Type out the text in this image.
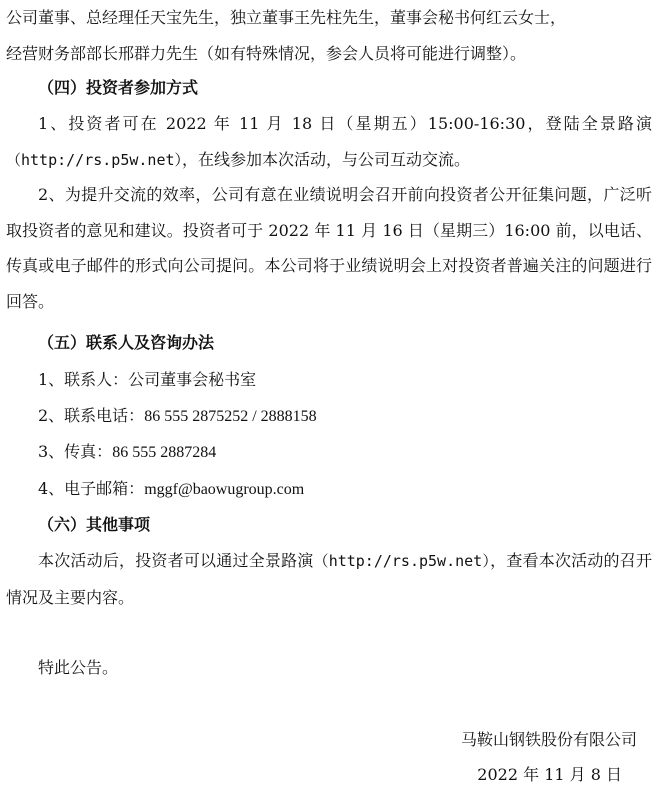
公司董事、总经理任天宝先生，独立董事王先柱先生，董事会秘书何红云女士，
经营财务部部长邢群力先生（如有特殊情况，参会人员将可能进行调整）。

（四）投资者参加方式

1、投资者可在 2022 年 11 月 18 日（星期五）15:00-16:30，登陆全景路演（http://rs.p5w.net），在线参加本次活动，与公司互动交流。

2、为提升交流的效率，公司有意在业绩说明会召开前向投资者公开征集问题，广泛听取投资者的意见和建议。投资者可于 2022 年 11 月 16 日（星期三）16:00 前，以电话、传真或电子邮件的形式向公司提问。本公司将于业绩说明会上对投资者普遍关注的问题进行回答。

（五）联系人及咨询办法

1、联系人：公司董事会秘书室

2、联系电话：86 555 2875252 / 2888158

3、传真：86 555 2887284

4、电子邮箱：mggf@baowugroup.com

（六）其他事项

本次活动后，投资者可以通过全景路演（http://rs.p5w.net），查看本次活动的召开情况及主要内容。

特此公告。

马鞍山钢铁股份有限公司

2022 年 11 月 8 日
